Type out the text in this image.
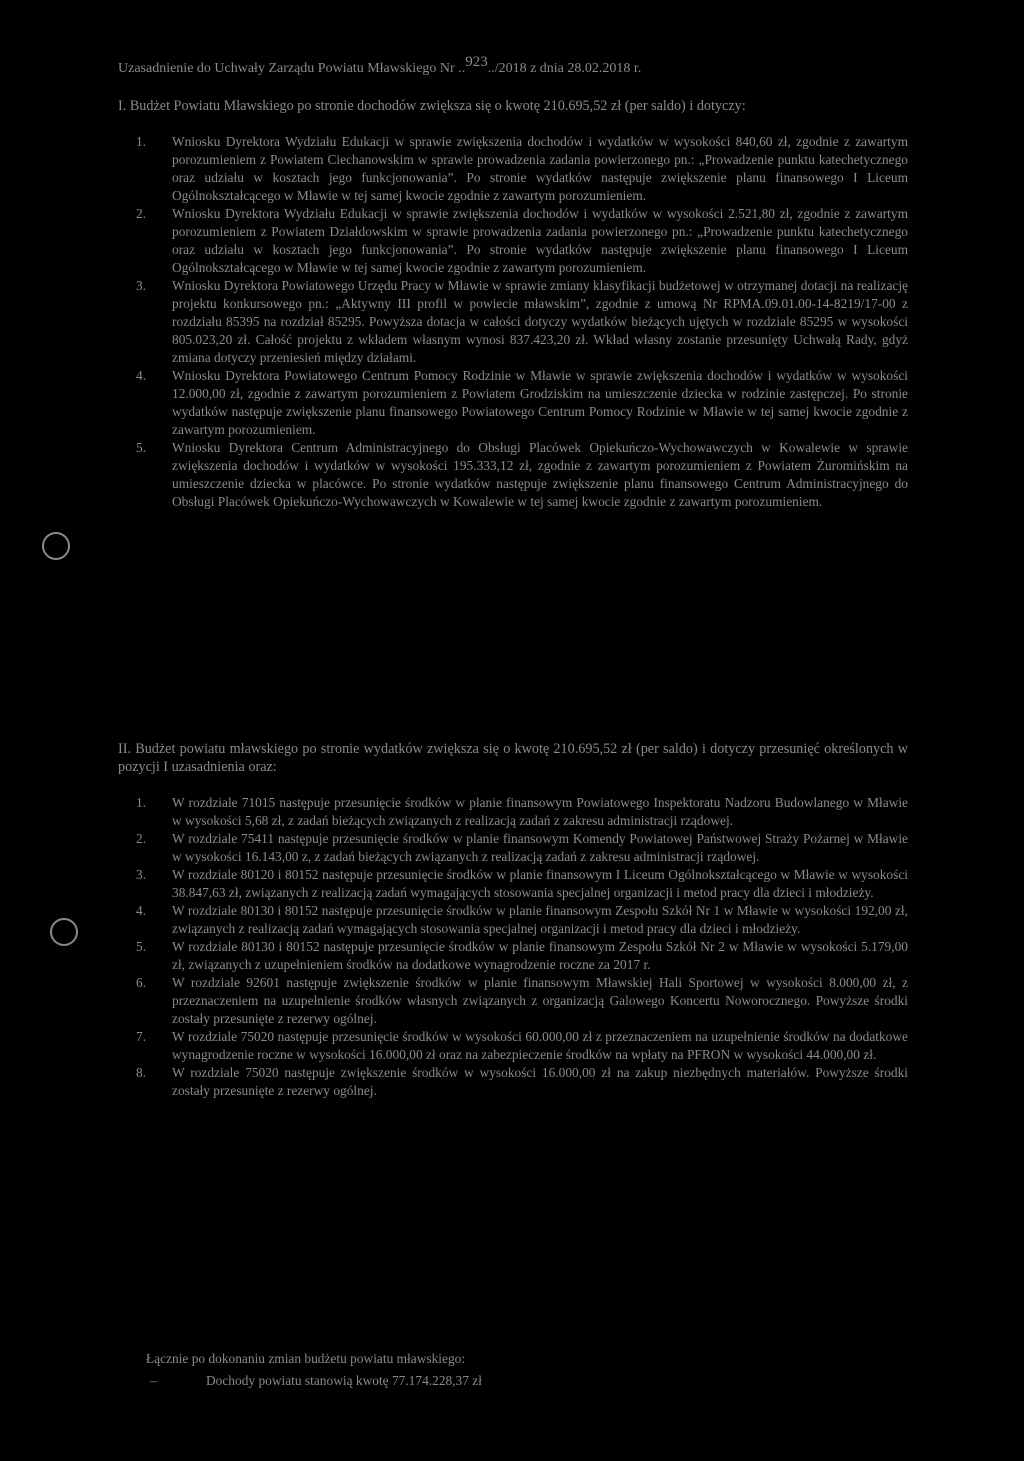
Uzasadnienie do Uchwały Zarządu Powiatu Mławskiego Nr ..923../2018 z dnia 28.02.2018 r.
I. Budżet Powiatu Mławskiego po stronie dochodów zwiększa się o kwotę 210.695,52 zł (per saldo) i dotyczy:
1. Wniosku Dyrektora Wydziału Edukacji w sprawie zwiększenia dochodów i wydatków w wysokości 840,60 zł, zgodnie z zawartym porozumieniem z Powiatem Ciechanowskim w sprawie prowadzenia zadania powierzonego pn.: „Prowadzenie punktu katechetycznego oraz udziału w kosztach jego funkcjonowania”. Po stronie wydatków następuje zwiększenie planu finansowego I Liceum Ogólnokształcącego w Mławie w tej samej kwocie zgodnie z zawartym porozumieniem.
2. Wniosku Dyrektora Wydziału Edukacji w sprawie zwiększenia dochodów i wydatków w wysokości 2.521,80 zł, zgodnie z zawartym porozumieniem z Powiatem Działdowskim w sprawie prowadzenia zadania powierzonego pn.: „Prowadzenie punktu katechetycznego oraz udziału w kosztach jego funkcjonowania”. Po stronie wydatków następuje zwiększenie planu finansowego I Liceum Ogólnokształcącego w Mławie w tej samej kwocie zgodnie z zawartym porozumieniem.
3. Wniosku Dyrektora Powiatowego Urzędu Pracy w Mławie w sprawie zmiany klasyfikacji budżetowej w otrzymanej dotacji na realizację projektu konkursowego pn.: „Aktywny III profil w powiecie mławskim”, zgodnie z umową Nr RPMA.09.01.00-14-8219/17-00 z rozdziału 85395 na rozdział 85295. Powyższa dotacja w całości dotyczy wydatków bieżących ujętych w rozdziale 85295 w wysokości 805.023,20 zł. Całość projektu z wkładem własnym wynosi 837.423,20 zł. Wkład własny zostanie przesunięty Uchwałą Rady, gdyż zmiana dotyczy przeniesień między działami.
4. Wniosku Dyrektora Powiatowego Centrum Pomocy Rodzinie w Mławie w sprawie zwiększenia dochodów i wydatków w wysokości 12.000,00 zł, zgodnie z zawartym porozumieniem z Powiatem Grodziskim na umieszczenie dziecka w rodzinie zastępczej. Po stronie wydatków następuje zwiększenie planu finansowego Powiatowego Centrum Pomocy Rodzinie w Mławie w tej samej kwocie zgodnie z zawartym porozumieniem.
5. Wniosku Dyrektora Centrum Administracyjnego do Obsługi Placówek Opiekuńczo-Wychowawczych w Kowalewie w sprawie zwiększenia dochodów i wydatków w wysokości 195.333,12 zł, zgodnie z zawartym porozumieniem z Powiatem Żuromińskim na umieszczenie dziecka w placówce. Po stronie wydatków następuje zwiększenie planu finansowego Centrum Administracyjnego do Obsługi Placówek Opiekuńczo-Wychowawczych w Kowalewie w tej samej kwocie zgodnie z zawartym porozumieniem.
II. Budżet powiatu mławskiego po stronie wydatków zwiększa się o kwotę 210.695,52 zł (per saldo) i dotyczy przesunięć określonych w pozycji I uzasadnienia oraz:
1. W rozdziale 71015 następuje przesunięcie środków w planie finansowym Powiatowego Inspektoratu Nadzoru Budowlanego w Mławie w wysokości 5,68 zł, z zadań bieżących związanych z realizacją zadań z zakresu administracji rządowej.
2. W rozdziale 75411 następuje przesunięcie środków w planie finansowym Komendy Powiatowej Państwowej Straży Pożarnej w Mławie w wysokości 16.143,00 z, z zadań bieżących związanych z realizacją zadań z zakresu administracji rządowej.
3. W rozdziale 80120 i 80152 następuje przesunięcie środków w planie finansowym I Liceum Ogólnokształcącego w Mławie w wysokości 38.847,63 zł, związanych z realizacją zadań wymagających stosowania specjalnej organizacji i metod pracy dla dzieci i młodzieży.
4. W rozdziale 80130 i 80152 następuje przesunięcie środków w planie finansowym Zespołu Szkół Nr 1 w Mławie w wysokości 192,00 zł, związanych z realizacją zadań wymagających stosowania specjalnej organizacji i metod pracy dla dzieci i młodzieży.
5. W rozdziale 80130 i 80152 następuje przesunięcie środków w planie finansowym Zespołu Szkół Nr 2 w Mławie w wysokości 5.179,00 zł, związanych z uzupełnieniem środków na dodatkowe wynagrodzenie roczne za 2017 r.
6. W rozdziale 92601 następuje zwiększenie środków w planie finansowym Mławskiej Hali Sportowej w wysokości 8.000,00 zł, z przeznaczeniem na uzupełnienie środków własnych związanych z organizacją Galowego Koncertu Noworocznego. Powyższe środki zostały przesunięte z rezerwy ogólnej.
7. W rozdziale 75020 następuje przesunięcie środków w wysokości 60.000,00 zł z przeznaczeniem na uzupełnienie środków na dodatkowe wynagrodzenie roczne w wysokości 16.000,00 zł oraz na zabezpieczenie środków na wpłaty na PFRON w wysokości 44.000,00 zł.
8. W rozdziale 75020 następuje zwiększenie środków w wysokości 16.000,00 zł na zakup niezbędnych materiałów. Powyższe środki zostały przesunięte z rezerwy ogólnej.
Łącznie po dokonaniu zmian budżetu powiatu mławskiego:
–	Dochody powiatu stanowią kwotę 77.174.228,37 zł
